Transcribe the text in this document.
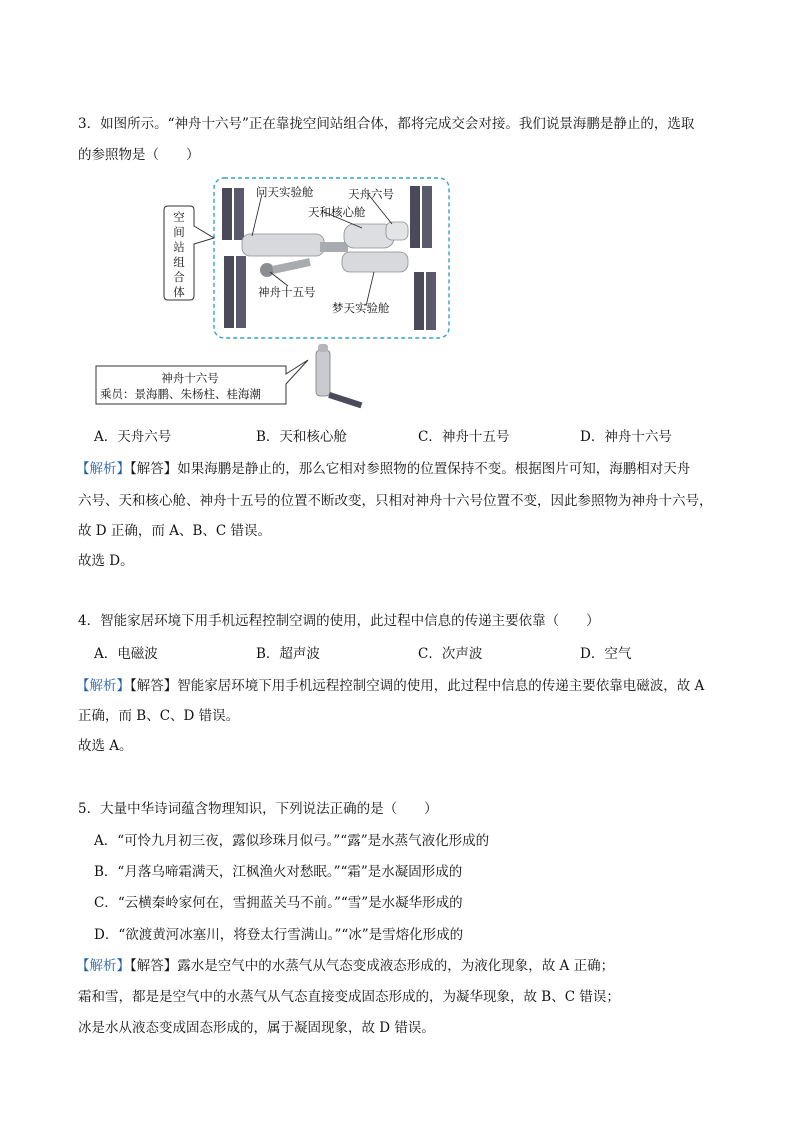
3．如图所示。“神舟十六号”正在靠拢空间站组合体，都将完成交会对接。我们说景海鹏是静止的，选取
的参照物是（　　）
空
间
站
组
合
体
问天实验舱	天舟六号
天和核心舱
神舟十五号
梦天实验舱
神舟十六号
乘员：景海鹏、朱杨柱、桂海潮
A．天舟六号	B．天和核心舱	C．神舟十五号	D．神舟十六号
【解析】【解答】如果海鹏是静止的，那么它相对参照物的位置保持不变。根据图片可知，海鹏相对天舟
六号、天和核心舱、神舟十五号的位置不断改变，只相对神舟十六号位置不变，因此参照物为神舟十六号，
故 D 正确，而 A、B、C 错误。
故选 D。
4．智能家居环境下用手机远程控制空调的使用，此过程中信息的传递主要依靠（　　）
A．电磁波	B．超声波	C．次声波	D．空气
【解析】【解答】智能家居环境下用手机远程控制空调的使用，此过程中信息的传递主要依靠电磁波，故 A
正确，而 B、C、D 错误。
故选 A。
5．大量中华诗词蕴含物理知识，下列说法正确的是（　　）
A．“可怜九月初三夜，露似珍珠月似弓。”“露”是水蒸气液化形成的
B．“月落乌啼霜满天，江枫渔火对愁眠。”“霜”是水凝固形成的
C．“云横秦岭家何在，雪拥蓝关马不前。”“雪”是水凝华形成的
D．“欲渡黄河冰塞川，将登太行雪满山。”“冰”是雪熔化形成的
【解析】【解答】露水是空气中的水蒸气从气态变成液态形成的，为液化现象，故 A 正确；
霜和雪，都是是空气中的水蒸气从气态直接变成固态形成的，为凝华现象，故 B、C 错误；
冰是水从液态变成固态形成的，属于凝固现象，故 D 错误。
